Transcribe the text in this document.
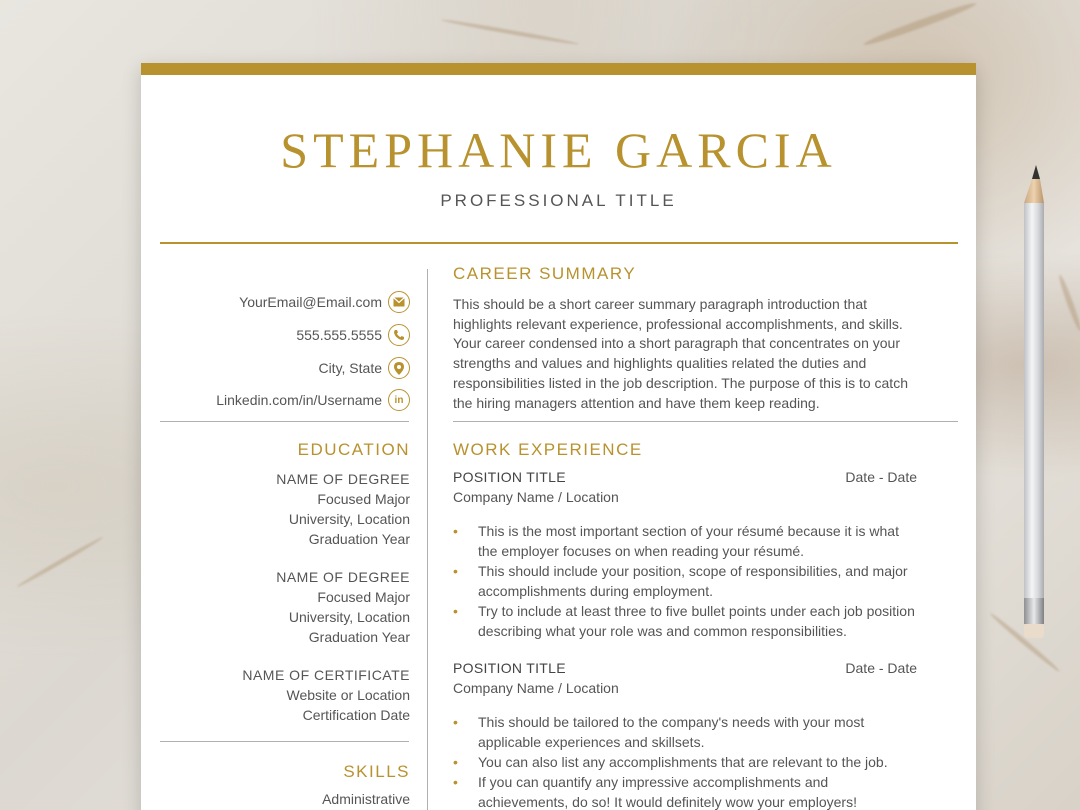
STEPHANIE GARCIA
PROFESSIONAL TITLE
YourEmail@Email.com
555.555.5555
City, State
Linkedin.com/in/Username	in
EDUCATION
NAME OF DEGREE
Focused Major
University, Location
Graduation Year
NAME OF DEGREE
Focused Major
University, Location
Graduation Year
NAME OF CERTIFICATE
Website or Location
Certification Date
SKILLS
Administrative
CAREER SUMMARY
This should be a short career summary paragraph introduction that highlights relevant experience, professional accomplishments, and skills. Your career condensed into a short paragraph that concentrates on your strengths and values and highlights qualities related the duties and responsibilities listed in the job description. The purpose of this is to catch the hiring managers attention and have them keep reading.
WORK EXPERIENCE
POSITION TITLE	Date - Date
Company Name / Location
• This is the most important section of your résumé because it is what the employer focuses on when reading your résumé.
• This should include your position, scope of responsibilities, and major accomplishments during employment.
• Try to include at least three to five bullet points under each job position describing what your role was and common responsibilities.
POSITION TITLE	Date - Date
Company Name / Location
• This should be tailored to the company's needs with your most applicable experiences and skillsets.
• You can also list any accomplishments that are relevant to the job.
• If you can quantify any impressive accomplishments and achievements, do so! It would definitely wow your employers!
